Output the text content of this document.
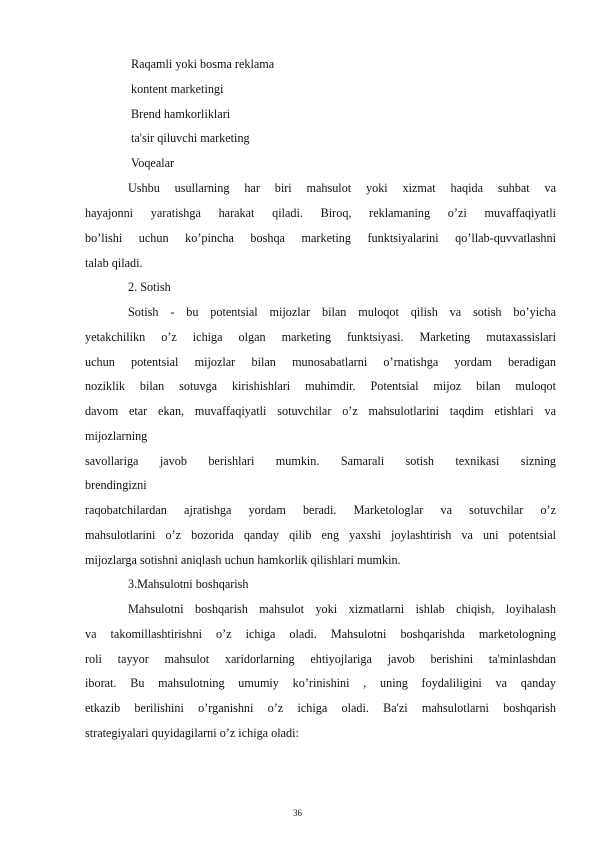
Raqamli yoki bosma reklama
kontent marketingi
Brend hamkorliklari
ta'sir qiluvchi marketing
Voqealar
Ushbu usullarning har biri mahsulot yoki xizmat haqida suhbat va
hayajonni yaratishga harakat qiladi. Biroq, reklamaning o’zi muvaffaqiyatli
bo’lishi uchun ko’pincha boshqa marketing funktsiyalarini qo’llab-quvvatlashni
talab qiladi.
2. Sotish
Sotish - bu potentsial mijozlar bilan muloqot qilish va sotish bo’yicha
yetakchilikn o’z ichiga olgan marketing funktsiyasi. Marketing mutaxassislari
uchun potentsial mijozlar bilan munosabatlarni o’rnatishga yordam beradigan
noziklik bilan sotuvga kirishishlari muhimdir. Potentsial mijoz bilan muloqot
davom etar ekan, muvaffaqiyatli sotuvchilar o’z mahsulotlarini taqdim etishlari va
mijozlarning
savollariga javob berishlari mumkin. Samarali sotish texnikasi sizning
brendingizni
raqobatchilardan ajratishga yordam beradi. Marketologlar va sotuvchilar o’z
mahsulotlarini o’z bozorida qanday qilib eng yaxshi joylashtirish va uni potentsial
mijozlarga sotishni aniqlash uchun hamkorlik qilishlari mumkin.
3.Mahsulotni boshqarish
Mahsulotni boshqarish mahsulot yoki xizmatlarni ishlab chiqish, loyihalash
va takomillashtirishni o’z ichiga oladi. Mahsulotni boshqarishda marketologning
roli tayyor mahsulot xaridorlarning ehtiyojlariga javob berishini ta'minlashdan
iborat. Bu mahsulotning umumiy ko’rinishini , uning foydaliligini va qanday
etkazib berilishini o’rganishni o’z ichiga oladi. Ba'zi mahsulotlarni boshqarish
strategiyalari quyidagilarni o’z ichiga oladi:
36
